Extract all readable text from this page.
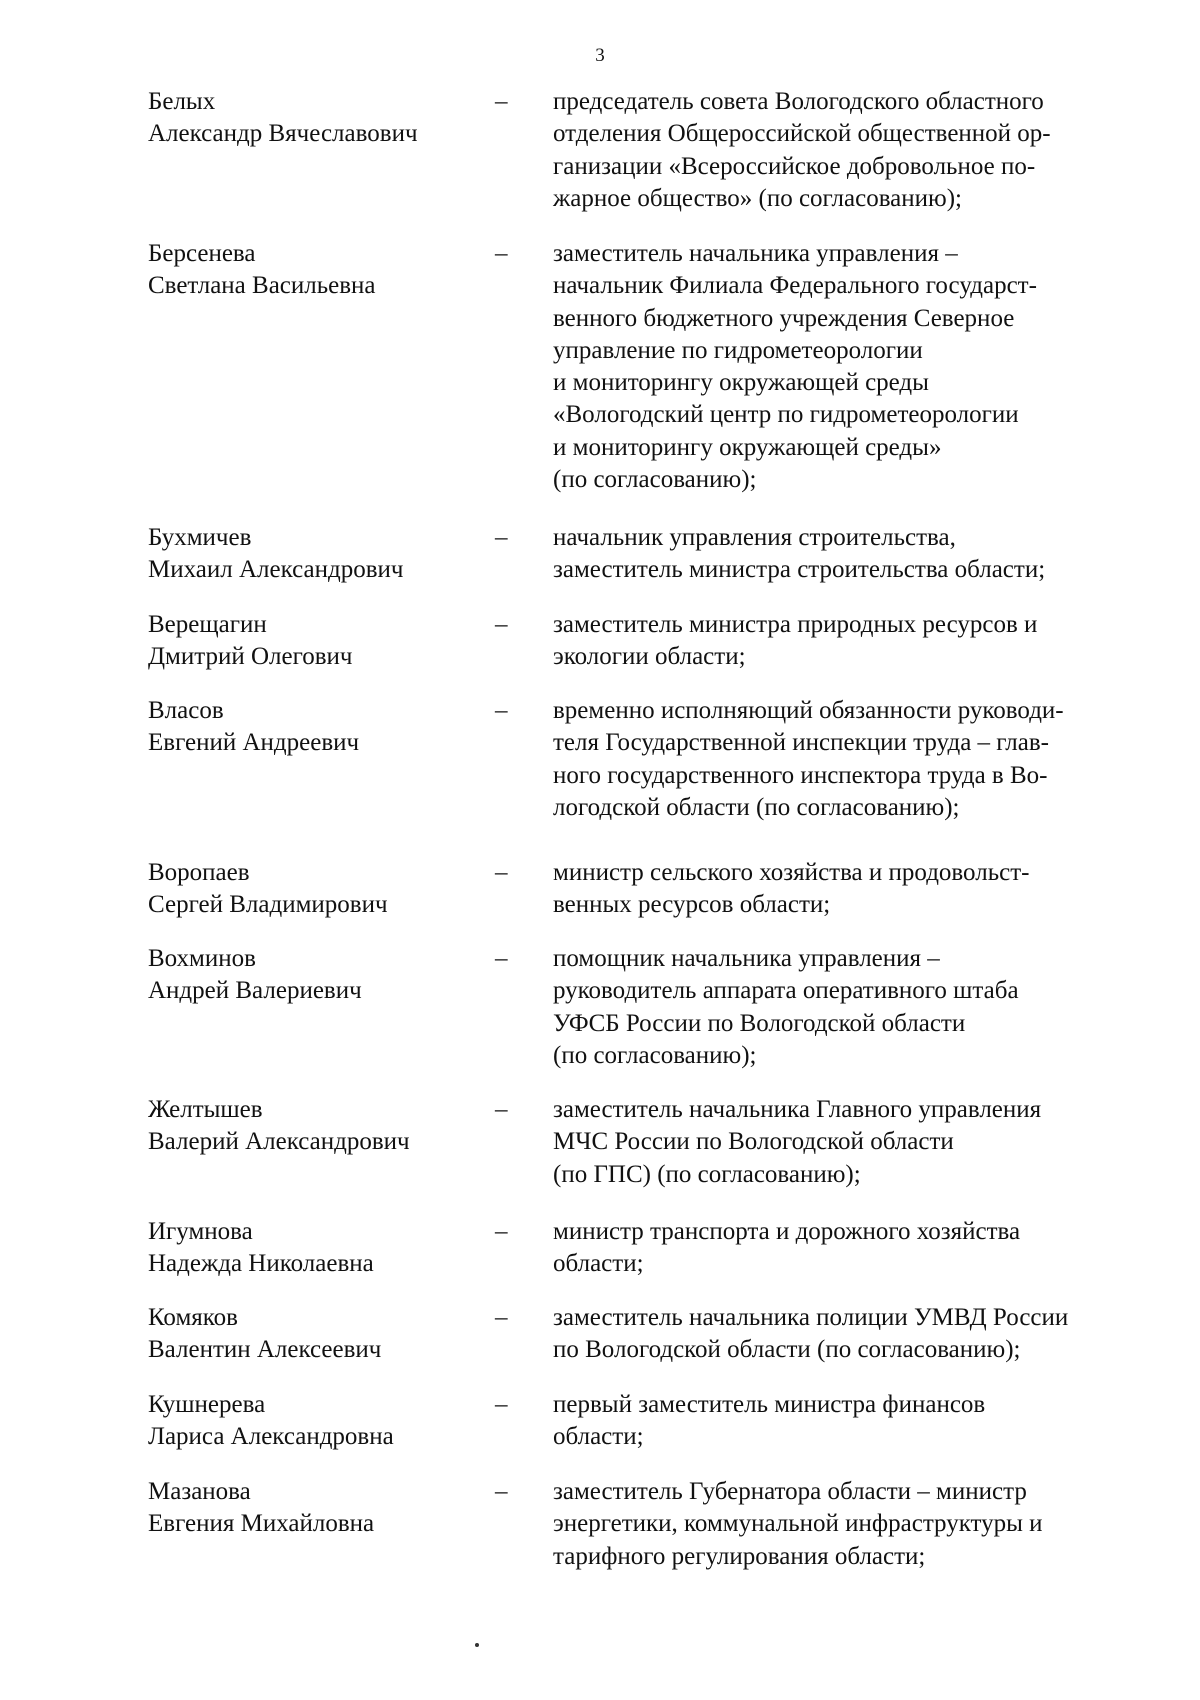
3
Белых
Александр Вячеславович
–	председатель совета Вологодского областного
отделения Общероссийской общественной ор-
ганизации «Всероссийское добровольное по-
жарное общество» (по согласованию);
Берсенева
Светлана Васильевна
–	заместитель начальника управления –
начальник Филиала Федерального государст-
венного бюджетного учреждения Северное
управление по гидрометеорологии
и мониторингу окружающей среды
«Вологодский центр по гидрометеорологии
и мониторингу окружающей среды»
(по согласованию);
Бухмичев
Михаил Александрович
–	начальник управления строительства,
заместитель министра строительства области;
Верещагин
Дмитрий Олегович
–	заместитель министра природных ресурсов и
экологии области;
Власов
Евгений Андреевич
–	временно исполняющий обязанности руководи-
теля Государственной инспекции труда – глав-
ного государственного инспектора труда в Во-
логодской области (по согласованию);
Воропаев
Сергей Владимирович
–	министр сельского хозяйства и продовольст-
венных ресурсов области;
Вохминов
Андрей Валериевич
–	помощник начальника управления –
руководитель аппарата оперативного штаба
УФСБ России по Вологодской области
(по согласованию);
Желтышев
Валерий Александрович
–	заместитель начальника Главного управления
МЧС России по Вологодской области
(по ГПС) (по согласованию);
Игумнова
Надежда Николаевна
–	министр транспорта и дорожного хозяйства
области;
Комяков
Валентин Алексеевич
–	заместитель начальника полиции УМВД России
по Вологодской области (по согласованию);
Кушнерева
Лариса Александровна
–	первый заместитель министра финансов
области;
Мазанова
Евгения Михайловна
–	заместитель Губернатора области – министр
энергетики, коммунальной инфраструктуры и
тарифного регулирования области;
